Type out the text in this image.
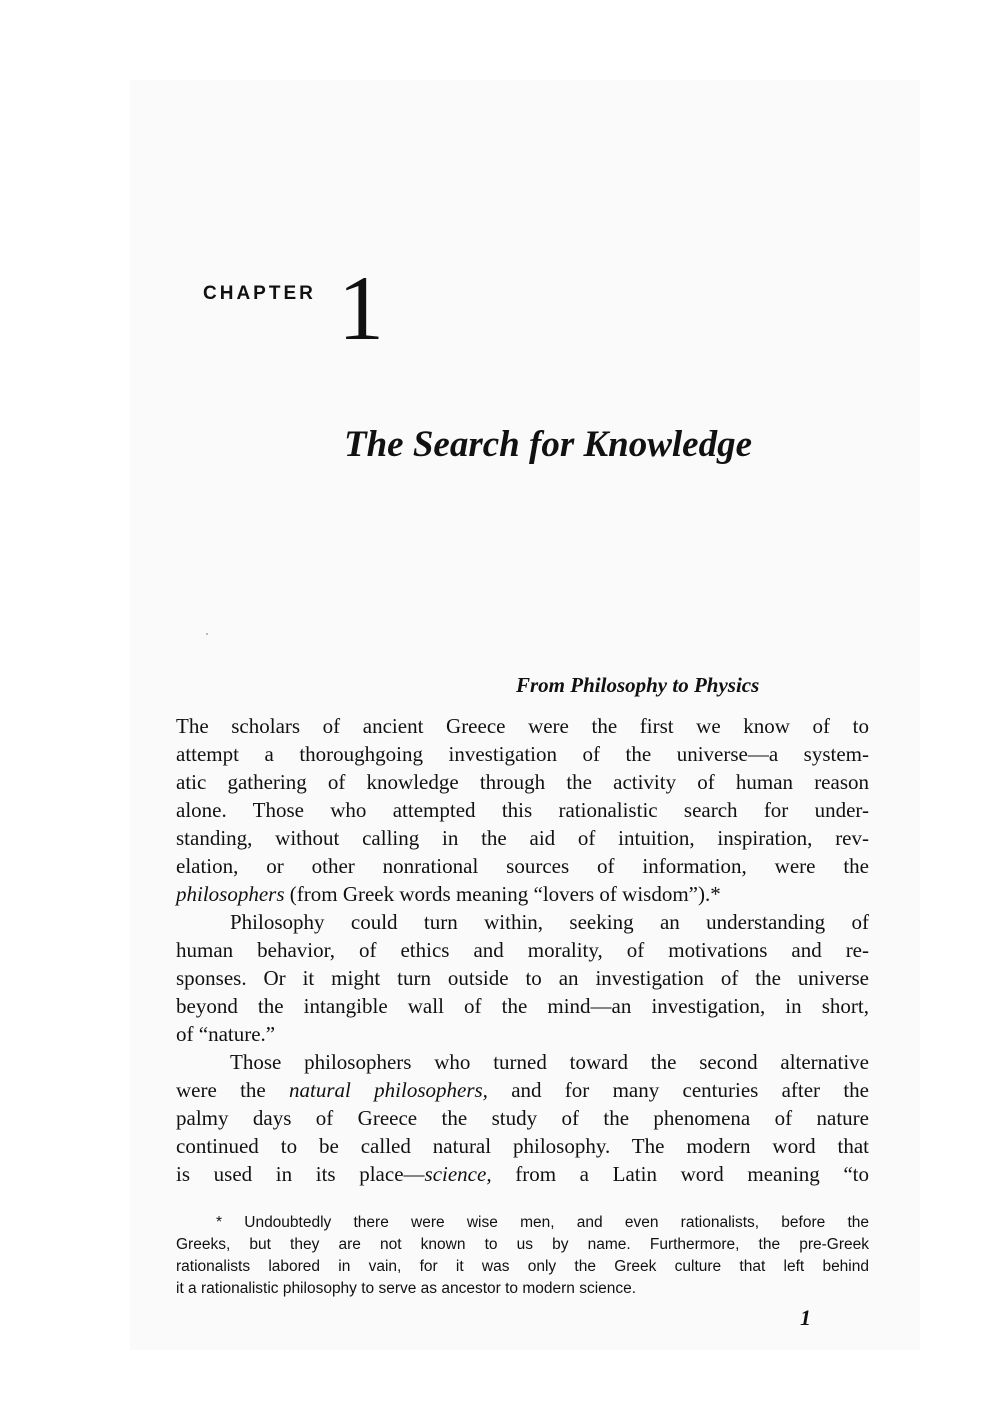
CHAPTER 1
The Search for Knowledge
From Philosophy to Physics
The scholars of ancient Greece were the first we know of to
attempt a thoroughgoing investigation of the universe—a system-
atic gathering of knowledge through the activity of human reason
alone. Those who attempted this rationalistic search for under-
standing, without calling in the aid of intuition, inspiration, rev-
elation, or other nonrational sources of information, were the
philosophers (from Greek words meaning “lovers of wisdom”).*
Philosophy could turn within, seeking an understanding of
human behavior, of ethics and morality, of motivations and re-
sponses. Or it might turn outside to an investigation of the universe
beyond the intangible wall of the mind—an investigation, in short,
of “nature.”
Those philosophers who turned toward the second alternative
were the natural philosophers, and for many centuries after the
palmy days of Greece the study of the phenomena of nature
continued to be called natural philosophy. The modern word that
is used in its place—science, from a Latin word meaning “to
* Undoubtedly there were wise men, and even rationalists, before the
Greeks, but they are not known to us by name. Furthermore, the pre-Greek
rationalists labored in vain, for it was only the Greek culture that left behind
it a rationalistic philosophy to serve as ancestor to modern science.
1
